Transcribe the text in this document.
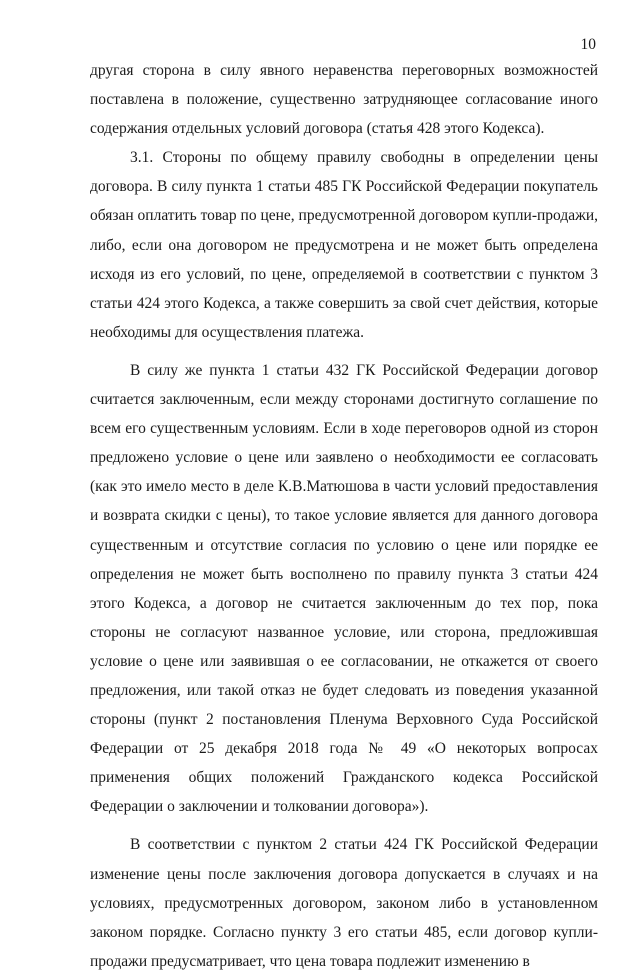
10

другая сторона в силу явного неравенства переговорных возможностей поставлена в положение, существенно затрудняющее согласование иного содержания отдельных условий договора (статья 428 этого Кодекса).

3.1. Стороны по общему правилу свободны в определении цены договора. В силу пункта 1 статьи 485 ГК Российской Федерации покупатель обязан оплатить товар по цене, предусмотренной договором купли-продажи, либо, если она договором не предусмотрена и не может быть определена исходя из его условий, по цене, определяемой в соответствии с пунктом 3 статьи 424 этого Кодекса, а также совершить за свой счет действия, которые необходимы для осуществления платежа.

В силу же пункта 1 статьи 432 ГК Российской Федерации договор считается заключенным, если между сторонами достигнуто соглашение по всем его существенным условиям. Если в ходе переговоров одной из сторон предложено условие о цене или заявлено о необходимости ее согласовать (как это имело место в деле К.В.Матюшова в части условий предоставления и возврата скидки с цены), то такое условие является для данного договора существенным и отсутствие согласия по условию о цене или порядке ее определения не может быть восполнено по правилу пункта 3 статьи 424 этого Кодекса, а договор не считается заключенным до тех пор, пока стороны не согласуют названное условие, или сторона, предложившая условие о цене или заявившая о ее согласовании, не откажется от своего предложения, или такой отказ не будет следовать из поведения указанной стороны (пункт 2 постановления Пленума Верховного Суда Российской Федерации от 25 декабря 2018 года № 49 «О некоторых вопросах применения общих положений Гражданского кодекса Российской Федерации о заключении и толковании договора»).

В соответствии с пунктом 2 статьи 424 ГК Российской Федерации изменение цены после заключения договора допускается в случаях и на условиях, предусмотренных договором, законом либо в установленном законом порядке. Согласно пункту 3 его статьи 485, если договор купли-продажи предусматривает, что цена товара подлежит изменению в
